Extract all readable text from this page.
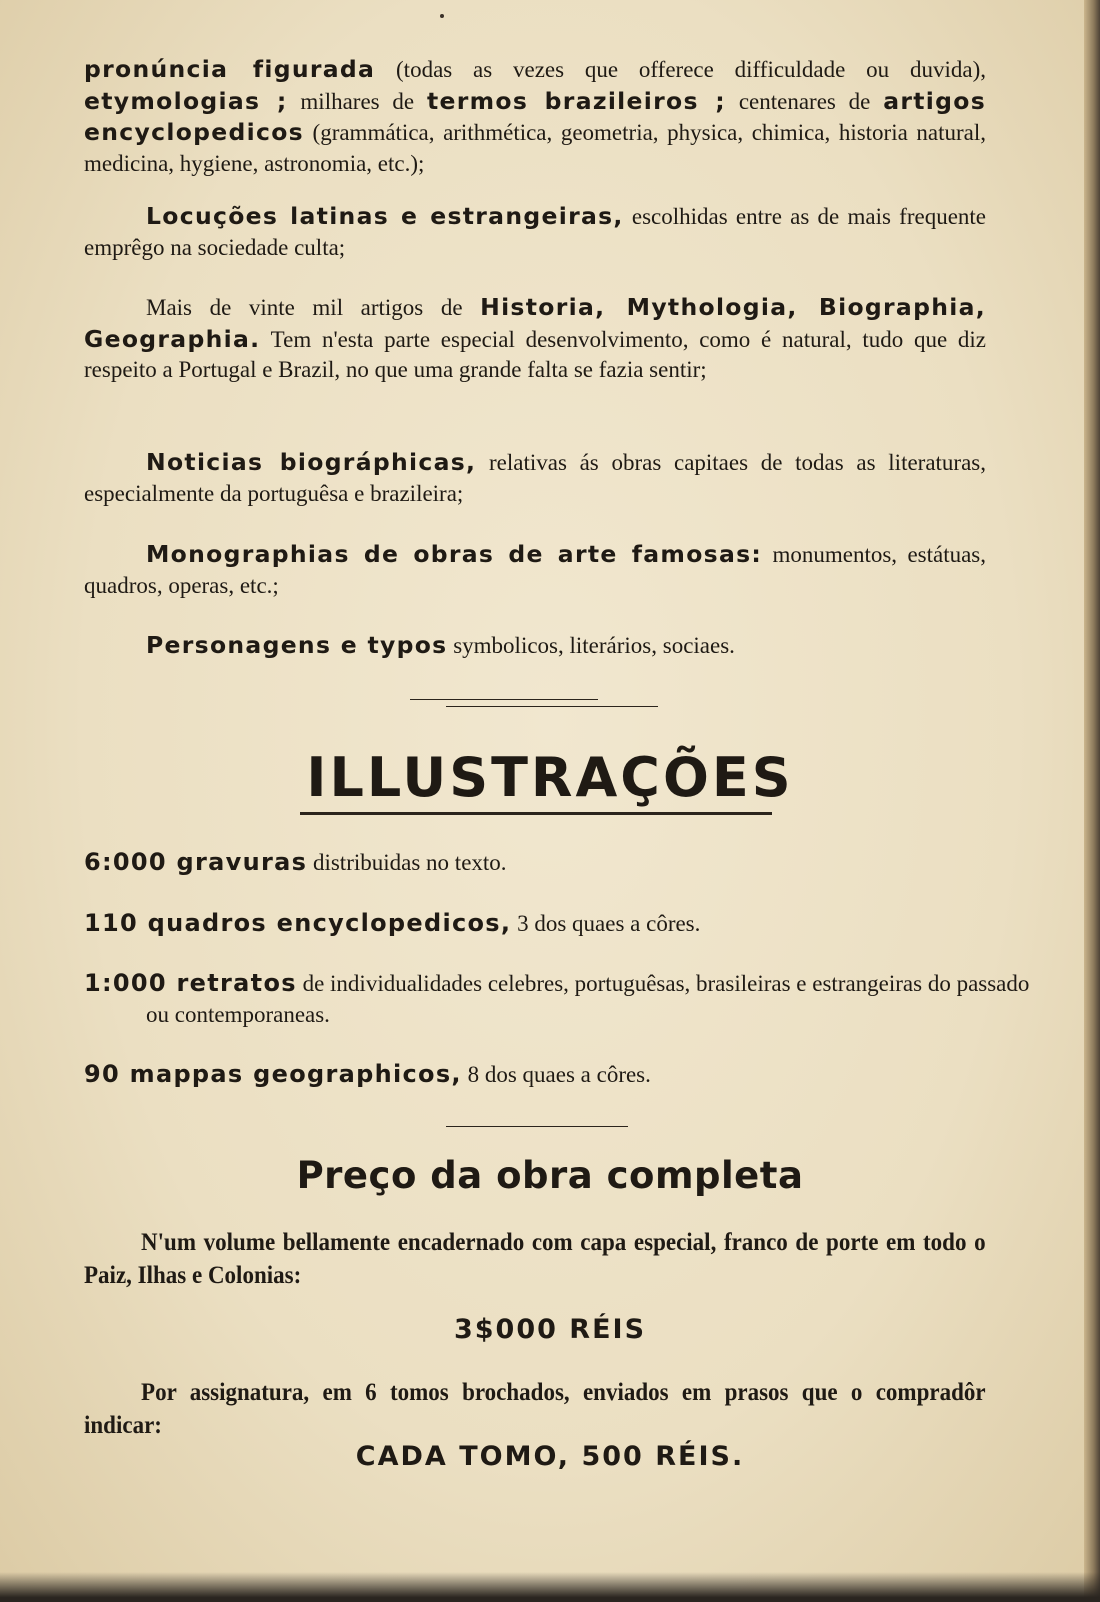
pronúncia figurada (todas as vezes que offerece difficuldade ou duvida), etymologias ; milhares de termos brazileiros ; centenares de artigos encyclopedicos (grammática, arithmética, geometria, physica, chimica, historia natural, medicina, hygiene, astronomia, etc.);

Locuções latinas e estrangeiras, escolhidas entre as de mais frequente emprêgo na sociedade culta;

Mais de vinte mil artigos de Historia, Mythologia, Biographia, Geographia. Tem n'esta parte especial desenvolvimento, como é natural, tudo que diz respeito a Portugal e Brazil, no que uma grande falta se fazia sentir;

Noticias biográphicas, relativas ás obras capitaes de todas as literaturas, especialmente da portuguêsa e brazileira;

Monographias de obras de arte famosas: monumentos, estátuas, quadros, operas, etc.;

Personagens e typos symbolicos, literários, sociaes.

ILLUSTRAÇÕES

6:000 gravuras distribuidas no texto.

110 quadros encyclopedicos, 3 dos quaes a côres.

1:000 retratos de individualidades celebres, portuguêsas, brasileiras e estrangeiras do passado ou contemporaneas.

90 mappas geographicos, 8 dos quaes a côres.

Preço da obra completa

N'um volume bellamente encadernado com capa especial, franco de porte em todo o Paiz, Ilhas e Colonias:

3$000 RÉIS

Por assignatura, em 6 tomos brochados, enviados em prasos que o compradôr indicar:

CADA TOMO, 500 RÉIS.
